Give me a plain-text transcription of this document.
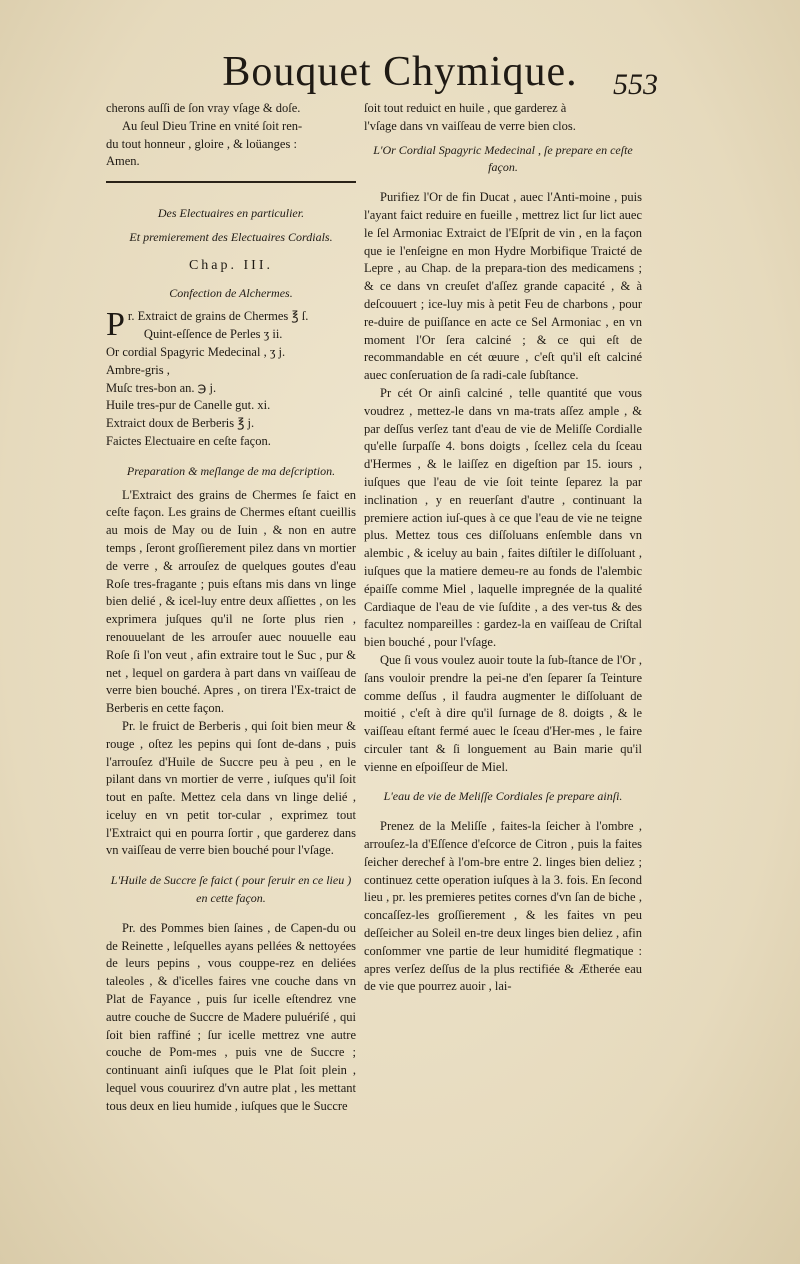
Bouquet Chymique.	553

cherons auſſi de ſon vray vſage & doſe.

Au ſeul Dieu Trine en vnité ſoit ren-

du tout honneur , gloire , & loüanges :

Amen.

Des Electuaires en particulier.

Et premierement des Electuaires Cordials.

Chap. III.

Confection de Alchermes.

Pr. Extraict de grains de Chermes ℥ ſ.

Quint-eſſence de Perles ʒ ii.

Or cordial Spagyric Medecinal , ʒ j.

Ambre-gris ,

Muſc tres-bon an. ℈ j.

Huile tres-pur de Canelle gut. xi.

Extraict doux de Berberis ℥ j.

Faictes Electuaire en ceſte façon.

Preparation & meſlange de ma deſcription.

L'Extraict des grains de Chermes ſe faict en ceſte façon. Les grains de Chermes eſtant cueillis au mois de May ou de Iuin , & non en autre temps , ſeront groſſierement pilez dans vn mortier de verre , & arrouſez de quelques goutes d'eau Roſe tres-fragante ; puis eſtans mis dans vn linge bien delié , & icel-luy entre deux aſſiettes , on les exprimera juſques qu'il ne ſorte plus rien , renouuelant de les arrouſer auec nouuelle eau Roſe ſi l'on veut , afin extraire tout le Suc , pur & net , lequel on gardera à part dans vn vaiſſeau de verre bien bouché. Apres , on tirera l'Ex-traict de Berberis en cette façon.

Pr. le fruict de Berberis , qui ſoit bien meur & rouge , oſtez les pepins qui ſont de-dans , puis l'arrouſez d'Huile de Succre peu à peu , en le pilant dans vn mortier de verre , iuſques qu'il ſoit tout en paſte. Mettez cela dans vn linge delié , iceluy en vn petit tor-cular , exprimez tout l'Extraict qui en pourra ſortir , que garderez dans vn vaiſſeau de verre bien bouché pour l'vſage.

L'Huile de Succre ſe faict ( pour ſeruir en ce lieu ) en cette façon.

Pr. des Pommes bien ſaines , de Capen-du ou de Reinette , leſquelles ayans pellées & nettoyées de leurs pepins , vous couppe-rez en deliées taleoles , & d'icelles faires vne couche dans vn Plat de Fayance , puis ſur icelle eſtendrez vne autre couche de Succre de Madere puluériſé , qui ſoit bien raffiné ; ſur icelle mettrez vne autre couche de Pom-mes , puis vne de Succre ; continuant ainſi iuſques que le Plat ſoit plein , lequel vous couurirez d'vn autre plat , les mettant tous deux en lieu humide , iuſques que le Succre

ſoit tout reduict en huile , que garderez à

l'vſage dans vn vaiſſeau de verre bien clos.

L'Or Cordial Spagyric Medecinal , ſe prepare en ceſte façon.

Purifiez l'Or de fin Ducat , auec l'Anti-moine , puis l'ayant faict reduire en fueille , mettrez lict ſur lict auec le ſel Armoniac Extraict de l'Eſprit de vin , en la façon que ie l'enſeigne en mon Hydre Morbifique Traicté de Lepre , au Chap. de la prepara-tion des medicamens ; & ce dans vn creuſet d'aſſez grande capacité , & à deſcouuert ; ice-luy mis à petit Feu de charbons , pour re-duire de puiſſance en acte ce Sel Armoniac , en vn moment l'Or ſera calciné ; & ce qui eſt de recommandable en cét œuure , c'eſt qu'il eſt calciné auec conſeruation de ſa radi-cale ſubſtance.

Pr cét Or ainſi calciné , telle quantité que vous voudrez , mettez-le dans vn ma-trats aſſez ample , & par deſſus verſez tant d'eau de vie de Meliſſe Cordialle qu'elle ſurpaſſe 4. bons doigts , ſcellez cela du ſceau d'Hermes , & le laiſſez en digeſtion par 15. iours , iuſques que l'eau de vie ſoit teinte ſeparez la par inclination , y en reuerſant d'autre , continuant la premiere action iuſ-ques à ce que l'eau de vie ne teigne plus. Mettez tous ces diſſoluans enſemble dans vn alembic , & iceluy au bain , faites diſtiler le diſſoluant , iuſques que la matiere demeu-re au fonds de l'alembic épaiſſe comme Miel , laquelle impregnée de la qualité Cardiaque de l'eau de vie ſuſdite , a des ver-tus & des facultez nompareilles : gardez-la en vaiſſeau de Criſtal bien bouché , pour l'vſage.

Que ſi vous voulez auoir toute la ſub-ſtance de l'Or , ſans vouloir prendre la pei-ne d'en ſeparer ſa Teinture comme deſſus , il faudra augmenter le diſſoluant de moitié , c'eſt à dire qu'il ſurnage de 8. doigts , & le vaiſſeau eſtant fermé auec le ſceau d'Her-mes , le faire circuler tant & ſi longuement au Bain marie qu'il vienne en eſpoiſſeur de Miel.

L'eau de vie de Meliſſe Cordiales ſe prepare ainſi.

Prenez de la Meliſſe , faites-la ſeicher à l'ombre , arrouſez-la d'Eſſence d'eſcorce de Citron , puis la faites ſeicher derechef à l'om-bre entre 2. linges bien deliez ; continuez cette operation iuſques à la 3. fois. En ſecond lieu , pr. les premieres petites cornes d'vn ſan de biche , concaſſez-les groſſierement , & les faites vn peu deſſeicher au Soleil en-tre deux linges bien deliez , afin conſommer vne partie de leur humidité flegmatique : apres verſez deſſus de la plus rectifiée & Ætherée eau de vie que pourrez auoir , lai-
